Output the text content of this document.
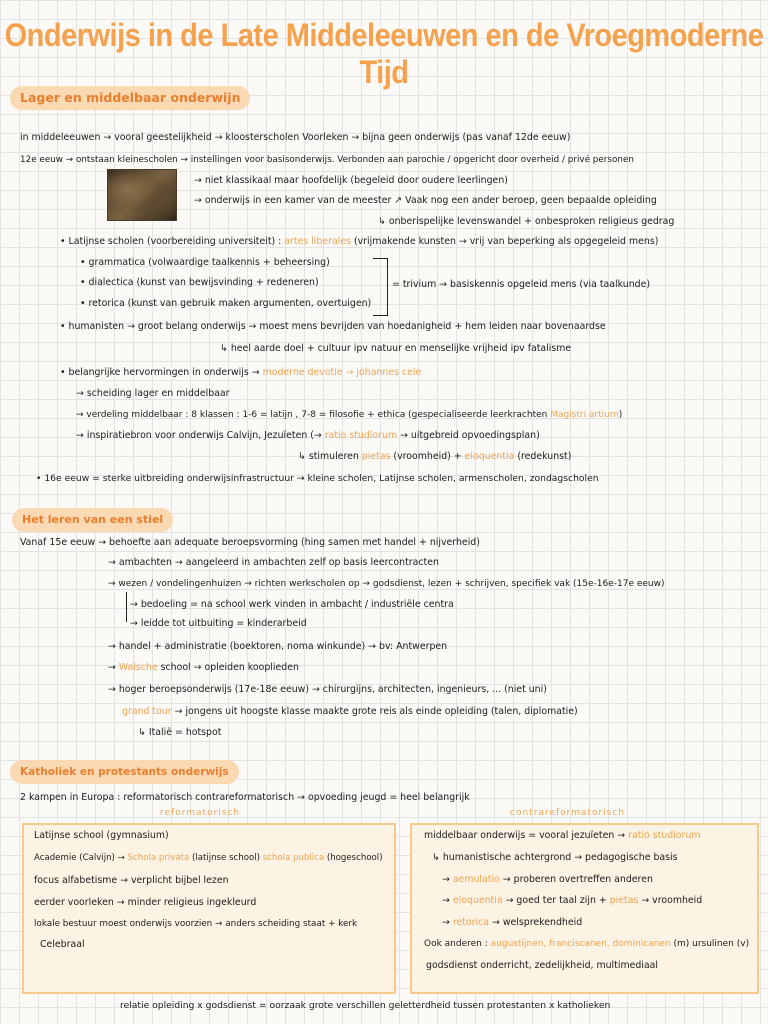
Onderwijs in de Late Middeleeuwen en de Vroegmoderne Tijd
Lager en middelbaar onderwijn
in middeleeuwen → vooral geestelijkheid → kloosterscholen Voorleken → bijna geen onderwijs (pas vanaf 12de eeuw)
12e eeuw → ontstaan kleinescholen → instellingen voor basisonderwijs. Verbonden aan parochie / opgericht door overheid / privé personen
→ niet klassikaal maar hoofdelijk (begeleid door oudere leerlingen)
→ onderwijs in een kamer van de meester ↗ Vaak nog een ander beroep, geen bepaalde opleiding
↳ onberispelijke levenswandel + onbesproken religieus gedrag
• Latijnse scholen (voorbereiding universiteit) : artes liberales (vrijmakende kunsten → vrij van beperking als opgegeleid mens)
• grammatica (volwaardige taalkennis + beheersing)
• dialectica (kunst van bewijsvinding + redeneren)
• retorica (kunst van gebruik maken argumenten, overtuigen)
= trivium → basiskennis opgeleid mens (via taalkunde)
• humanisten → groot belang onderwijs → moest mens bevrijden van hoedanigheid + hem leiden naar bovenaardse
↳ heel aarde doel + cultuur ipv natuur en menselijke vrijheid ipv fatalisme
• belangrijke hervormingen in onderwijs → moderne devotie → johannes cele
→ scheiding lager en middelbaar
→ verdeling middelbaar : 8 klassen : 1-6 = latijn , 7-8 = filosofie + ethica (gespecialiseerde leerkrachten Magistri artium)
→ inspiratiebron voor onderwijs Calvijn, Jezuïeten (→ ratio studiorum → uitgebreid opvoedingsplan)
↳ stimuleren pietas (vroomheid) + eloquentia (redekunst)
• 16e eeuw = sterke uitbreiding onderwijsinfrastructuur → kleine scholen, Latijnse scholen, armenscholen, zondagscholen
Het leren van een stiel
Vanaf 15e eeuw → behoefte aan adequate beroepsvorming (hing samen met handel + nijverheid)
→ ambachten → aangeleerd in ambachten zelf op basis leercontracten
→ wezen / vondelingenhuizen → richten werkscholen op → godsdienst, lezen + schrijven, specifiek vak (15e-16e-17e eeuw)
→ bedoeling = na school werk vinden in ambacht / industriële centra
→ leidde tot uitbuiting = kinderarbeid
→ handel + administratie (boektoren, noma winkunde) → bv: Antwerpen
→ Walsche school → opleiden kooplieden
→ hoger beroepsonderwijs (17e-18e eeuw) → chirurgijns, architecten, ingenieurs, ... (niet uni)
grand tour → jongens uit hoogste klasse maakte grote reis als einde opleiding (talen, diplomatie)
↳ Italië = hotspot
Katholiek en protestants onderwijs
2 kampen in Europa : reformatorisch contrareformatorisch → opvoeding jeugd = heel belangrijk
reformatorisch	contrareformatorisch
Latijnse school (gymnasium)
Academie (Calvijn) → Schola privata (latijnse school) schola publica (hogeschool)
focus alfabetisme → verplicht bijbel lezen
eerder voorleken → minder religieus ingekleurd
lokale bestuur moest onderwijs voorzien → anders scheiding staat + kerk
Celebraal
middelbaar onderwijs = vooral jezuïeten → ratio studiorum
↳ humanistische achtergrond → pedagogische basis
→ aemulatio → proberen overtreffen anderen
→ eloquentia → goed ter taal zijn + pietas → vroomheid
→ retorica → welsprekendheid
Ook anderen : augustijnen, franciscanen, dominicanen (m) ursulinen (v)
godsdienst onderricht, zedelijkheid, multimediaal
relatie opleiding x godsdienst = oorzaak grote verschillen geletterdheid tussen protestanten x katholieken
